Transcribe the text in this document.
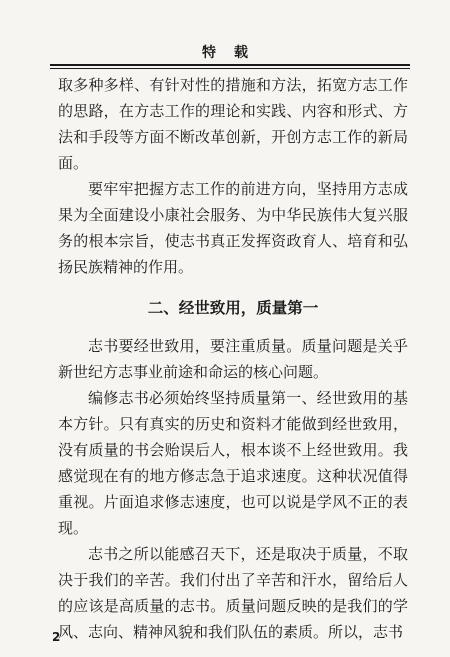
特载

取多种多样、有针对性的措施和方法，拓宽方志工作的思路，在方志工作的理论和实践、内容和形式、方法和手段等方面不断改革创新，开创方志工作的新局面。

要牢牢把握方志工作的前进方向，坚持用方志成果为全面建设小康社会服务、为中华民族伟大复兴服务的根本宗旨，使志书真正发挥资政育人、培育和弘扬民族精神的作用。

二、经世致用，质量第一

志书要经世致用，要注重质量。质量问题是关乎新世纪方志事业前途和命运的核心问题。

编修志书必须始终坚持质量第一、经世致用的基本方针。只有真实的历史和资料才能做到经世致用，没有质量的书会贻误后人，根本谈不上经世致用。我感觉现在有的地方修志急于追求速度。这种状况值得重视。片面追求修志速度，也可以说是学风不正的表现。

志书之所以能感召天下，还是取决于质量，不取决于我们的辛苦。我们付出了辛苦和汗水，留给后人的应该是高质量的志书。质量问题反映的是我们的学风、志向、精神风貌和我们队伍的素质。所以，志书

2
